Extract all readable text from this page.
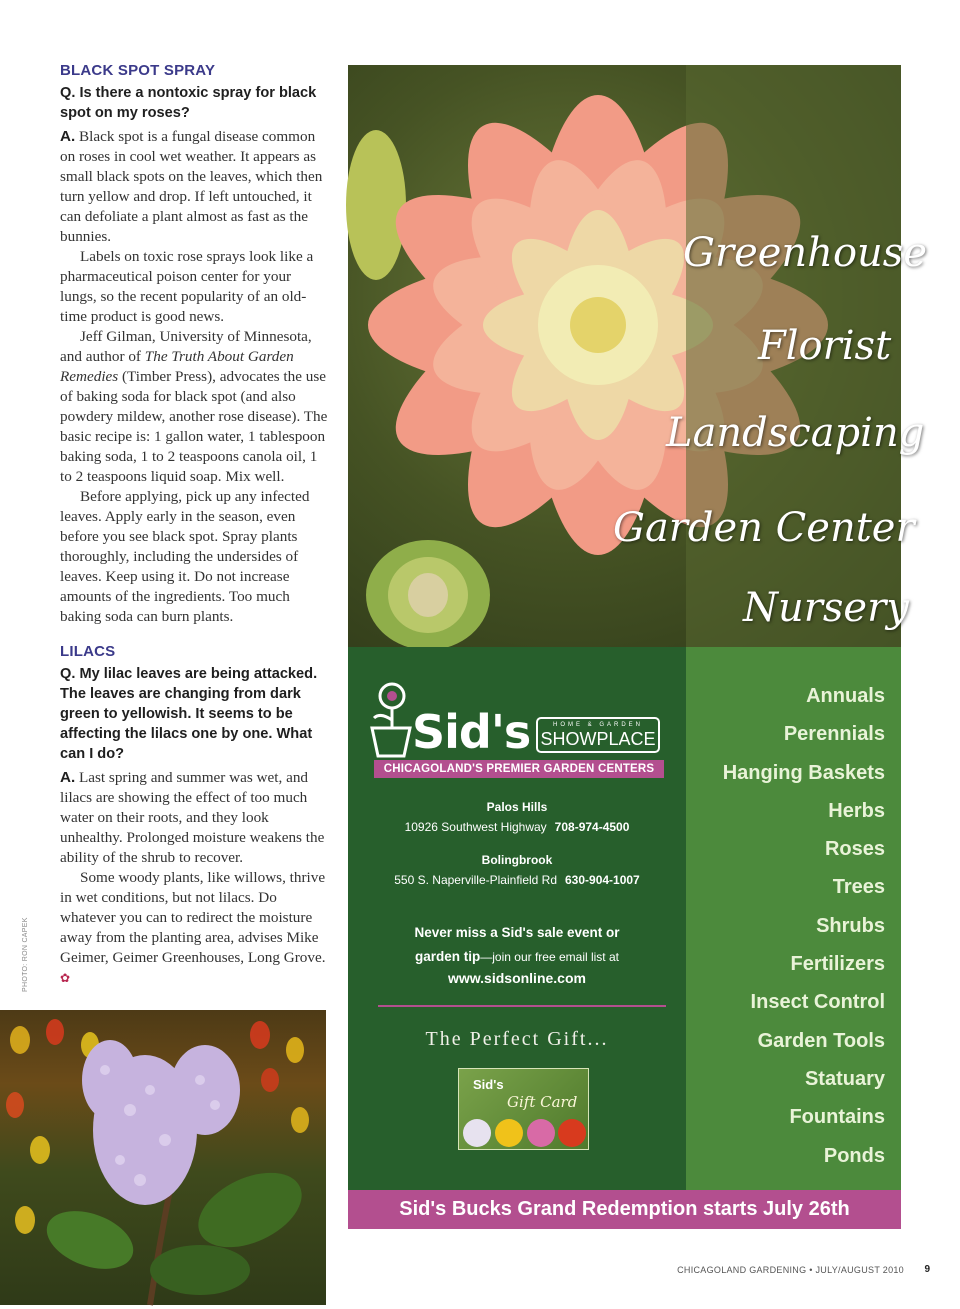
BLACK SPOT SPRAY
Q. Is there a nontoxic spray for black spot on my roses?

A. Black spot is a fungal disease common on roses in cool wet weather. It appears as small black spots on the leaves, which then turn yellow and drop. If left untouched, it can defoliate a plant almost as fast as the bunnies.

Labels on toxic rose sprays look like a pharmaceutical poison center for your lungs, so the recent popularity of an old-time product is good news.

Jeff Gilman, University of Minnesota, and author of The Truth About Garden Remedies (Timber Press), advocates the use of baking soda for black spot (and also powdery mildew, another rose disease). The basic recipe is: 1 gallon water, 1 tablespoon baking soda, 1 to 2 teaspoons canola oil, 1 to 2 teaspoons liquid soap. Mix well.

Before applying, pick up any infected leaves. Apply early in the season, even before you see black spot. Spray plants thoroughly, including the undersides of leaves. Keep using it. Do not increase amounts of the ingredients. Too much baking soda can burn plants.

LILACS
Q. My lilac leaves are being attacked. The leaves are changing from dark green to yellowish. It seems to be affecting the lilacs one by one. What can I do?

A. Last spring and summer was wet, and lilacs are showing the effect of too much water on their roots, and they look unhealthy. Prolonged moisture weakens the ability of the shrub to recover.

Some woody plants, like willows, thrive in wet conditions, but not lilacs. Do whatever you can to redirect the moisture away from the planting area, advises Mike Geimer, Geimer Greenhouses, Long Grove. ✿

PHOTO: RON CAPEK
Greenhouse
Florist
Landscaping
Garden Center
Nursery
Sid's	HOME & GARDEN
SHOWPLACE
CHICAGOLAND'S PREMIER GARDEN CENTERS
Palos Hills
10926 Southwest Highway 708-974-4500
Bolingbrook
550 S. Naperville-Plainfield Rd 630-904-1007
Never miss a Sid's sale event or
garden tip—join our free email list at
www.sidsonline.com
The Perfect Gift...
Sid's
Gift Card
Annuals
Perennials
Hanging Baskets
Herbs
Roses
Trees
Shrubs
Fertilizers
Insect Control
Garden Tools
Statuary
Fountains
Ponds
Sid's Bucks Grand Redemption starts July 26th
CHICAGOLAND GARDENING • JULY/AUGUST 2010 9
